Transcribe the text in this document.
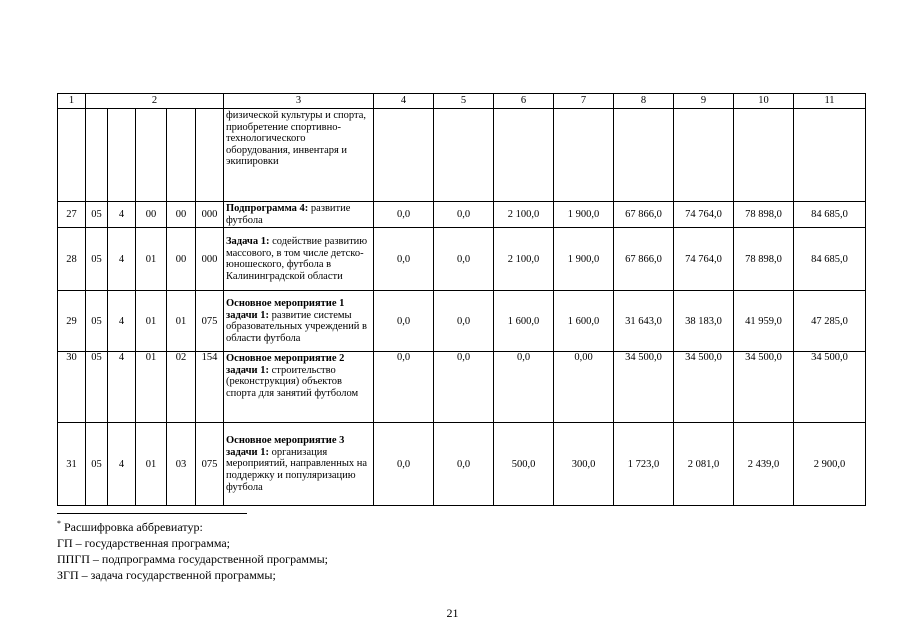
1	2					3	4	5	6	7	8	9	10	11
						физической культуры и спорта, приобретение спортивно-технологического оборудования, инвентаря и экипировки								
27	05	4	00	00	000	Подпрограмма 4: развитие футбола	0,0	0,0	2 100,0	1 900,0	67 866,0	74 764,0	78 898,0	84 685,0
28	05	4	01	00	000	Задача 1: содействие развитию массового, в том числе детско-юношеского, футбола в Калининградской области	0,0	0,0	2 100,0	1 900,0	67 866,0	74 764,0	78 898,0	84 685,0
29	05	4	01	01	075	Основное мероприятие 1 задачи 1: развитие системы образовательных учреждений в области футбола	0,0	0,0	1 600,0	1 600,0	31 643,0	38 183,0	41 959,0	47 285,0
30	05	4	01	02	154	Основное мероприятие 2 задачи 1: строительство (реконструкция) объектов спорта для занятий футболом	0,0	0,0	0,0	0,00	34 500,0	34 500,0	34 500,0	34 500,0
31	05	4	01	03	075	Основное мероприятие 3 задачи 1: организация мероприятий, направленных на поддержку и популяризацию футбола	0,0	0,0	500,0	300,0	1 723,0	2 081,0	2 439,0	2 900,0
* Расшифровка аббревиатур:
ГП – государственная программа;
ППГП – подпрограмма государственной программы;
ЗГП – задача государственной программы;
21
